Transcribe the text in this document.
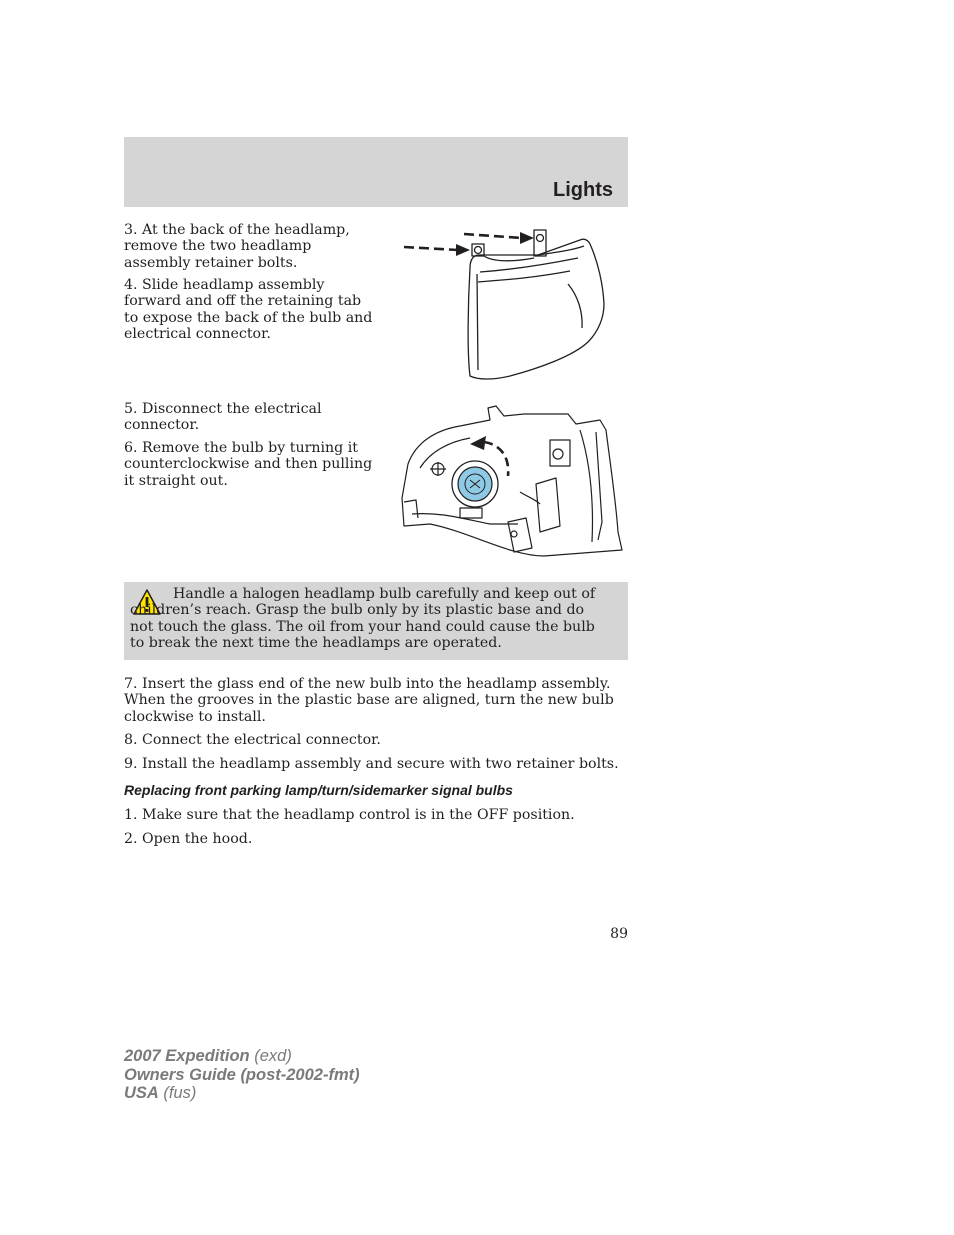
Lights

3. At the back of the headlamp, remove the two headlamp assembly retainer bolts.

4. Slide headlamp assembly forward and off the retaining tab to expose the back of the bulb and electrical connector.

5. Disconnect the electrical connector.

6. Remove the bulb by turning it counterclockwise and then pulling it straight out.

Handle a halogen headlamp bulb carefully and keep out of children’s reach. Grasp the bulb only by its plastic base and do not touch the glass. The oil from your hand could cause the bulb to break the next time the headlamps are operated.

7. Insert the glass end of the new bulb into the headlamp assembly. When the grooves in the plastic base are aligned, turn the new bulb clockwise to install.

8. Connect the electrical connector.

9. Install the headlamp assembly and secure with two retainer bolts.

Replacing front parking lamp/turn/sidemarker signal bulbs

1. Make sure that the headlamp control is in the OFF position.

2. Open the hood.

89

2007 Expedition (exd)
Owners Guide (post-2002-fmt)
USA (fus)
